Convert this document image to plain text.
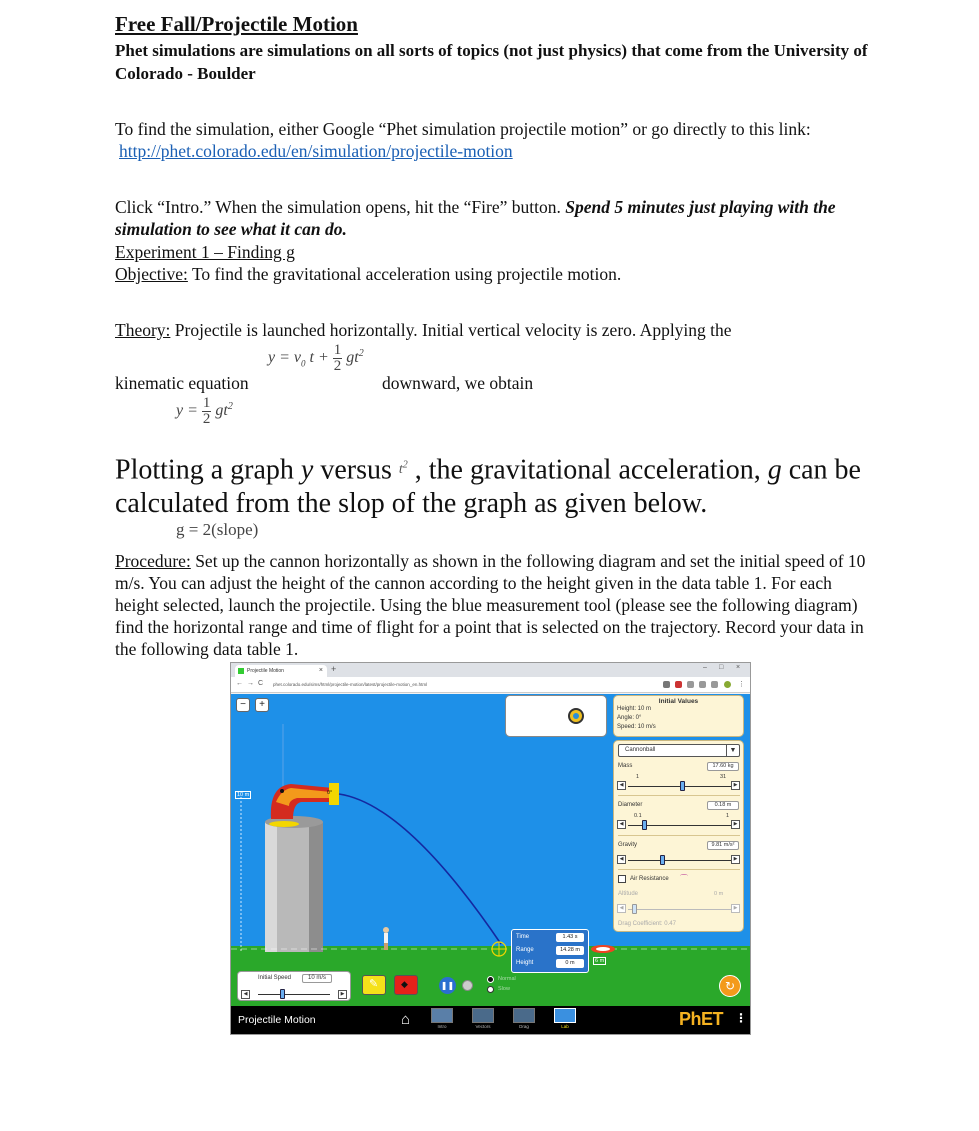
Free Fall/Projectile Motion
Phet simulations are simulations on all sorts of topics (not just physics) that come from the University of Colorado - Boulder
To find the simulation, either Google “Phet simulation projectile motion” or go directly to this link: http://phet.colorado.edu/en/simulation/projectile-motion
Click “Intro.” When the simulation opens, hit the “Fire” button. Spend 5 minutes just playing with the simulation to see what it can do.
Experiment 1 – Finding g
Objective: To find the gravitational acceleration using projectile motion.
Theory: Projectile is launched horizontally. Initial vertical velocity is zero. Applying the
kinematic equation
$y = v_0$ $t + \frac{1}{2} gt^2$
downward, we obtain
$y = \frac{1}{2} gt^2$
Plotting a graph y versus $^{t^2}$ , the gravitational acceleration, g can be calculated from the slop of the graph as given below.
g = 2(slope)
Procedure: Set up the cannon horizontally as shown in the following diagram and set the initial speed of 10 m/s. You can adjust the height of the cannon according to the height given in the data table 1. For each height selected, launch the projectile. Using the blue measurement tool (please see the following diagram) find the horizontal range and time of flight for a point that is selected on the trajectory. Record your data in the following data table 1.
Projectile Motion	× +	– □ ×
← → C phet.colorado.edu/sims/html/projectile-motion/latest/projectile-motion_en.html	⋮
−	+
10 m	0°
Initial Values
Height: 10 m
Angle: 0°
Speed: 10 m/s
Cannonball	▼
Mass	17.60 kg
1	31
◀	▶
Diameter	0.18 m
0.1	1
◀	▶
Gravity	9.81 m/s²
◀	▶
Air Resistance ⌒
Altitude	0 m
◀	▶
Drag Coefficient: 0.47
Time	1.43 s
Range	14.28 m
Height	0 m	6 m
Initial Speed	10 m/s
◀	▶
✎	◆	❚❚
Normal
Slow	↻
Projectile Motion	⌂	Intro	Vectors	Drag	Lab	PhET ⋮
